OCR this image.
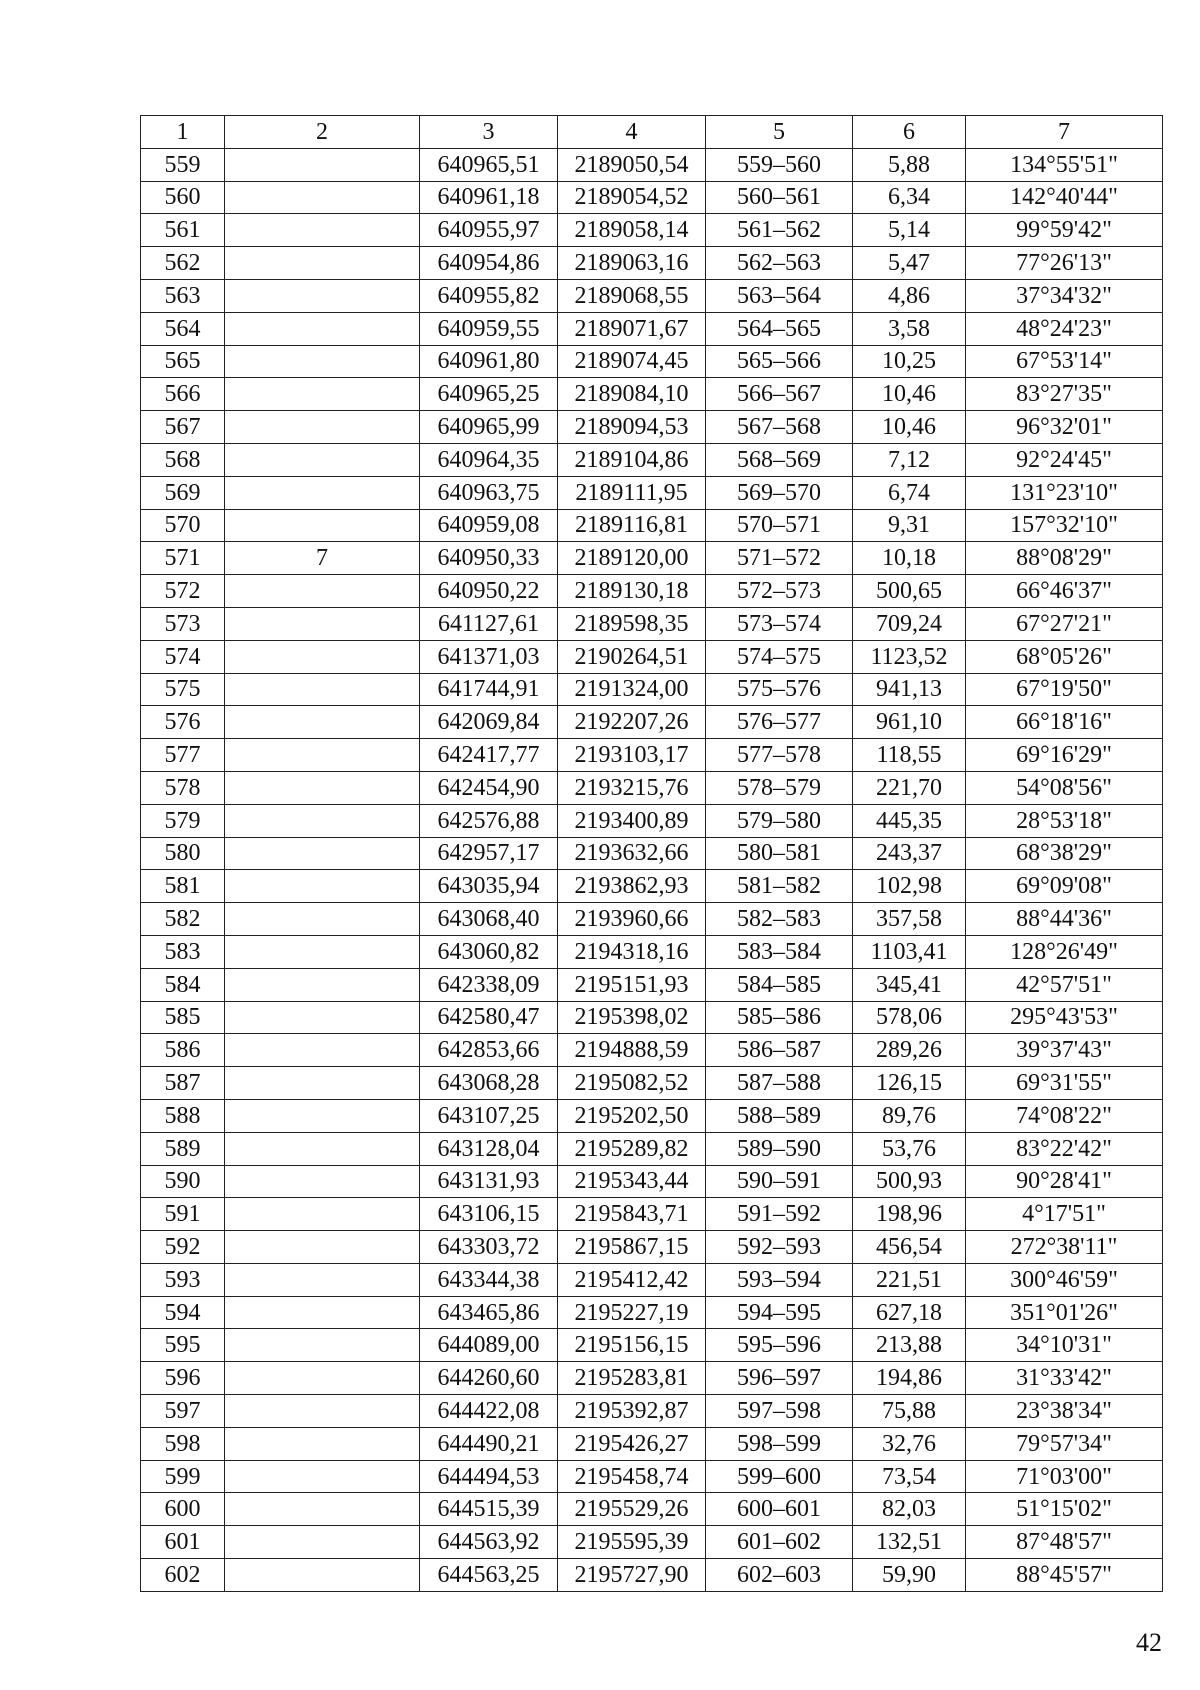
1	2	3	4	5	6	7
559		640965,51	2189050,54	559–560	5,88	134°55'51"
560		640961,18	2189054,52	560–561	6,34	142°40'44"
561		640955,97	2189058,14	561–562	5,14	99°59'42"
562		640954,86	2189063,16	562–563	5,47	77°26'13"
563		640955,82	2189068,55	563–564	4,86	37°34'32"
564		640959,55	2189071,67	564–565	3,58	48°24'23"
565		640961,80	2189074,45	565–566	10,25	67°53'14"
566		640965,25	2189084,10	566–567	10,46	83°27'35"
567		640965,99	2189094,53	567–568	10,46	96°32'01"
568		640964,35	2189104,86	568–569	7,12	92°24'45"
569		640963,75	2189111,95	569–570	6,74	131°23'10"
570		640959,08	2189116,81	570–571	9,31	157°32'10"
571	7	640950,33	2189120,00	571–572	10,18	88°08'29"
572		640950,22	2189130,18	572–573	500,65	66°46'37"
573		641127,61	2189598,35	573–574	709,24	67°27'21"
574		641371,03	2190264,51	574–575	1123,52	68°05'26"
575		641744,91	2191324,00	575–576	941,13	67°19'50"
576		642069,84	2192207,26	576–577	961,10	66°18'16"
577		642417,77	2193103,17	577–578	118,55	69°16'29"
578		642454,90	2193215,76	578–579	221,70	54°08'56"
579		642576,88	2193400,89	579–580	445,35	28°53'18"
580		642957,17	2193632,66	580–581	243,37	68°38'29"
581		643035,94	2193862,93	581–582	102,98	69°09'08"
582		643068,40	2193960,66	582–583	357,58	88°44'36"
583		643060,82	2194318,16	583–584	1103,41	128°26'49"
584		642338,09	2195151,93	584–585	345,41	42°57'51"
585		642580,47	2195398,02	585–586	578,06	295°43'53"
586		642853,66	2194888,59	586–587	289,26	39°37'43"
587		643068,28	2195082,52	587–588	126,15	69°31'55"
588		643107,25	2195202,50	588–589	89,76	74°08'22"
589		643128,04	2195289,82	589–590	53,76	83°22'42"
590		643131,93	2195343,44	590–591	500,93	90°28'41"
591		643106,15	2195843,71	591–592	198,96	4°17'51"
592		643303,72	2195867,15	592–593	456,54	272°38'11"
593		643344,38	2195412,42	593–594	221,51	300°46'59"
594		643465,86	2195227,19	594–595	627,18	351°01'26"
595		644089,00	2195156,15	595–596	213,88	34°10'31"
596		644260,60	2195283,81	596–597	194,86	31°33'42"
597		644422,08	2195392,87	597–598	75,88	23°38'34"
598		644490,21	2195426,27	598–599	32,76	79°57'34"
599		644494,53	2195458,74	599–600	73,54	71°03'00"
600		644515,39	2195529,26	600–601	82,03	51°15'02"
601		644563,92	2195595,39	601–602	132,51	87°48'57"
602		644563,25	2195727,90	602–603	59,90	88°45'57"
42
